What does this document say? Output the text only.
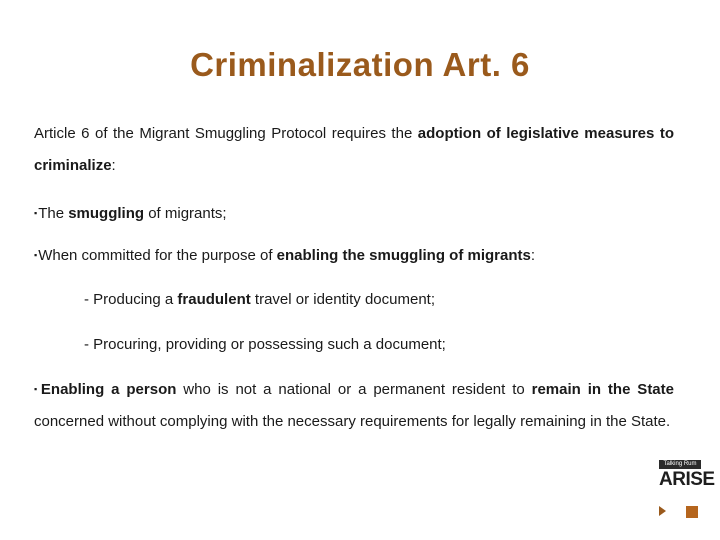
Criminalization Art. 6
Article 6 of the Migrant Smuggling Protocol requires the adoption of legislative measures to criminalize:
▪The smuggling of migrants;
▪When committed for the purpose of enabling the smuggling of migrants:
- Producing a fraudulent travel or identity document;
- Procuring, providing or possessing such a document;
▪Enabling a person who is not a national or a permanent resident to remain in the State concerned without complying with the necessary requirements for legally remaining in the State.
Talking Rum
ARISE
